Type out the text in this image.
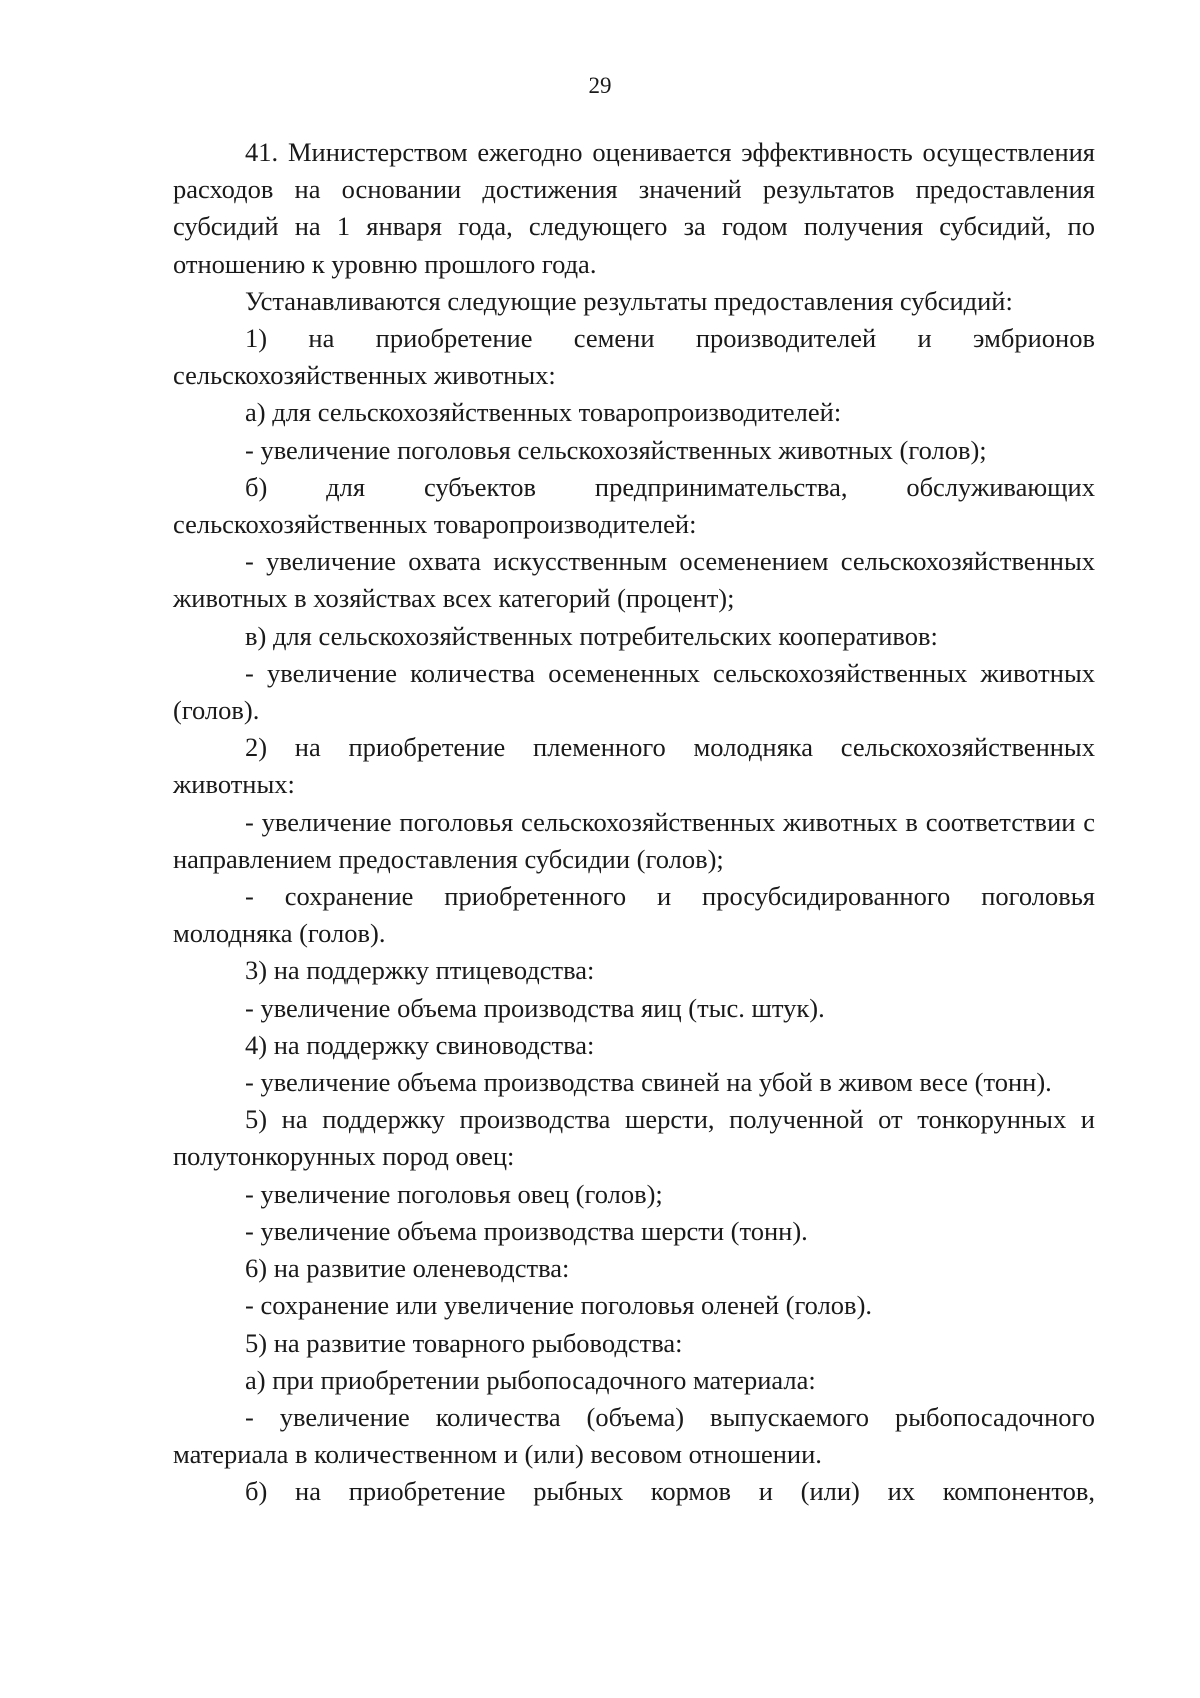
29

41. Министерством ежегодно оценивается эффективность осуществления расходов на основании достижения значений результатов предоставления субсидий на 1 января года, следующего за годом получения субсидий, по отношению к уровню прошлого года.

Устанавливаются следующие результаты предоставления субсидий:

1) на приобретение семени производителей и эмбрионов сельскохозяйственных животных:

а) для сельскохозяйственных товаропроизводителей:

- увеличение поголовья сельскохозяйственных животных (голов);

б) для субъектов предпринимательства, обслуживающих сельскохозяйственных товаропроизводителей:

- увеличение охвата искусственным осеменением сельскохозяйственных животных в хозяйствах всех категорий (процент);

в) для сельскохозяйственных потребительских кооперативов:

- увеличение количества осемененных сельскохозяйственных животных (голов).

2) на приобретение племенного молодняка сельскохозяйственных животных:

- увеличение поголовья сельскохозяйственных животных в соответствии с направлением предоставления субсидии (голов);

- сохранение приобретенного и просубсидированного поголовья молодняка (голов).

3) на поддержку птицеводства:

- увеличение объема производства яиц (тыс. штук).

4) на поддержку свиноводства:

- увеличение объема производства свиней на убой в живом весе (тонн).

5) на поддержку производства шерсти, полученной от тонкорунных и полутонкорунных пород овец:

- увеличение поголовья овец (голов);

- увеличение объема производства шерсти (тонн).

6) на развитие оленеводства:

- сохранение или увеличение поголовья оленей (голов).

5) на развитие товарного рыбоводства:

а) при приобретении рыбопосадочного материала:

- увеличение количества (объема) выпускаемого рыбопосадочного материала в количественном и (или) весовом отношении.

б) на приобретение рыбных кормов и (или) их компонентов,
